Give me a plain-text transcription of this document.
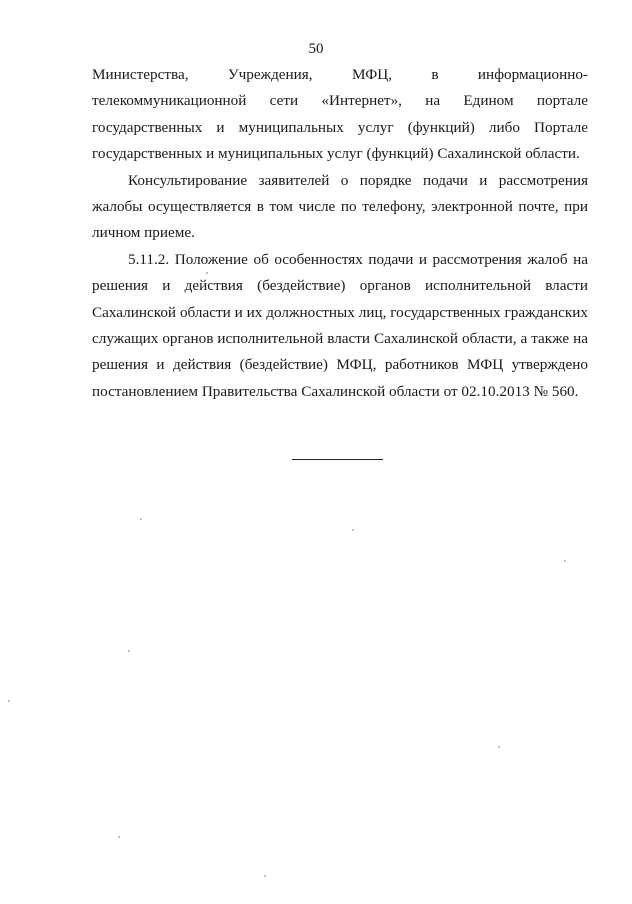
50

Министерства, Учреждения, МФЦ, в информационно-телекоммуникационной сети «Интернет», на Едином портале государственных и муниципальных услуг (функций) либо Портале государственных и муниципальных услуг (функций) Сахалинской области.

Консультирование заявителей о порядке подачи и рассмотрения жалобы осуществляется в том числе по телефону, электронной почте, при личном приеме.

5.11.2. Положение об особенностях подачи и рассмотрения жалоб на решения и действия (бездействие) органов исполнительной власти Сахалинской области и их должностных лиц, государственных гражданских служащих органов исполнительной власти Сахалинской области, а также на решения и действия (бездействие) МФЦ, работников МФЦ утверждено постановлением Правительства Сахалинской области от 02.10.2013 № 560.
